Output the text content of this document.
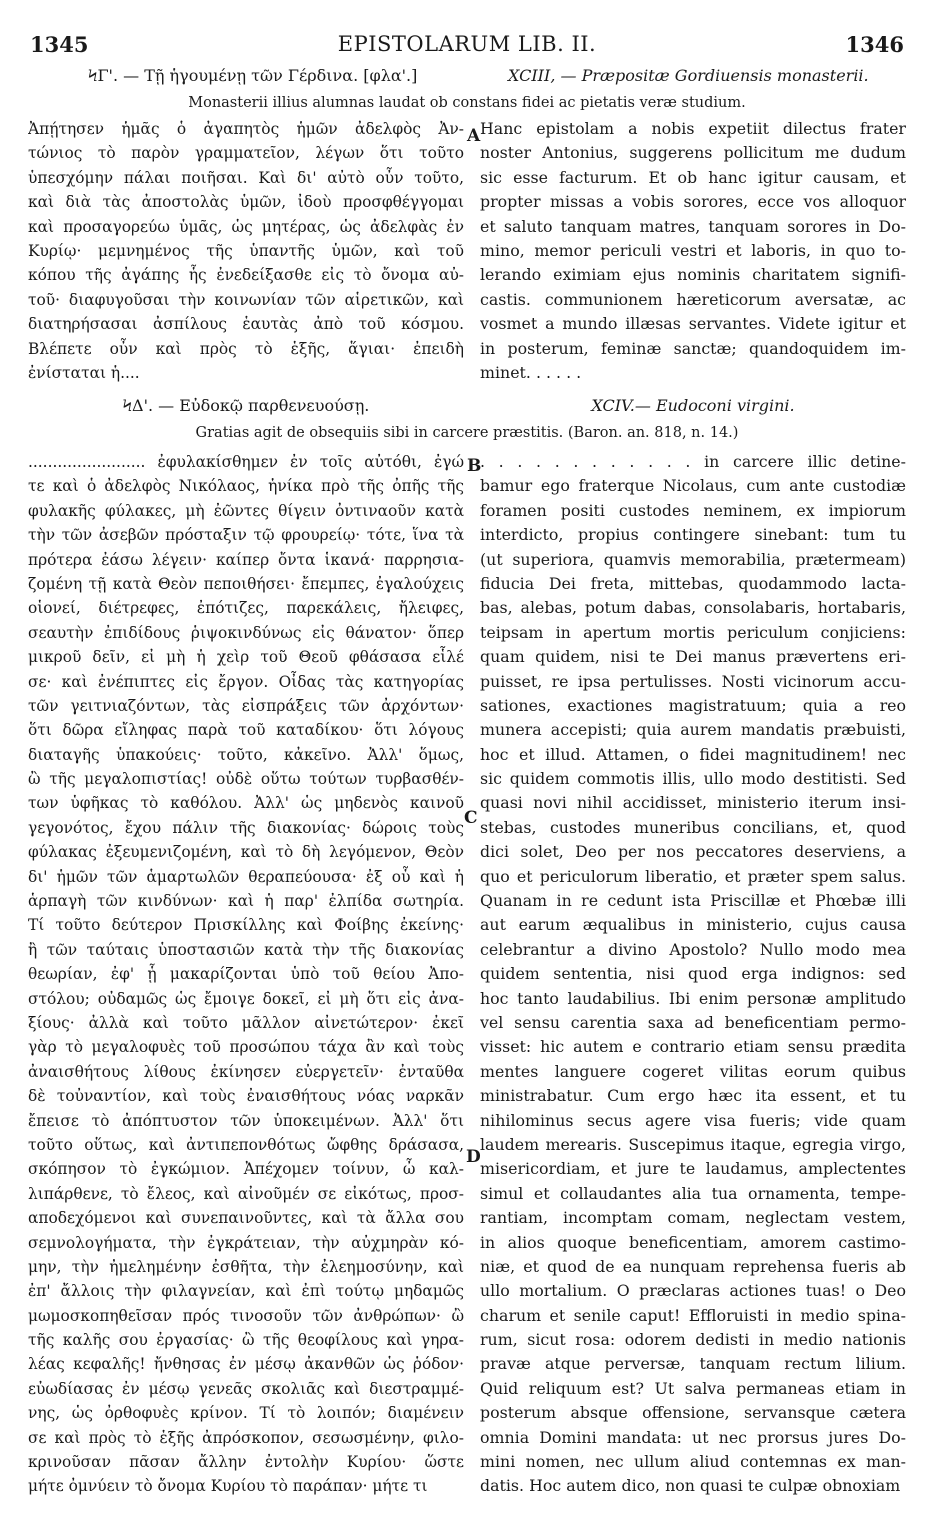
1345	EPISTOLARUM LIB. II.	1346
ϞΓ'. — Τῇ ἡγουμένῃ τῶν Γέρδινα. [φλα'.]	XCIII, — Præpositæ Gordiuensis monasterii.
Monasterii illius alumnas laudat ob constans fidei ac pietatis veræ studium.
Ἀπῄτησεν ἡμᾶς ὁ ἀγαπητὸς ἡμῶν ἀδελφὸς Ἀν-
τώνιος τὸ παρὸν γραμματεῖον, λέγων ὅτι τοῦτο
ὑπεσχόμην πάλαι ποιῆσαι. Καὶ δι' αὐτὸ οὖν τοῦτο,
καὶ διὰ τὰς ἀποστολὰς ὑμῶν, ἰδοὺ προσφθέγγομαι
καὶ προσαγορεύω ὑμᾶς, ὡς μητέρας, ὡς ἀδελφὰς ἐν
Κυρίῳ· μεμνημένος τῆς ὑπαντῆς ὑμῶν, καὶ τοῦ
κόπου τῆς ἀγάπης ἧς ἐνεδείξασθε εἰς τὸ ὄνομα αὐ-
τοῦ· διαφυγοῦσαι τὴν κοινωνίαν τῶν αἱρετικῶν, καὶ
διατηρήσασαι ἀσπίλους ἑαυτὰς ἀπὸ τοῦ κόσμου.
Βλέπετε οὖν καὶ πρὸς τὸ ἑξῆς, ἅγιαι· ἐπειδὴ
ἐνίσταται ἡ....
Hanc epistolam a nobis expetiit dilectus frater
noster Antonius, suggerens pollicitum me dudum
sic esse facturum. Et ob hanc igitur causam, et
propter missas a vobis sorores, ecce vos alloquor
et saluto tanquam matres, tanquam sorores in Do-
mino, memor periculi vestri et laboris, in quo to-
lerando eximiam ejus nominis charitatem signifi-
castis. communionem hæreticorum aversatæ, ac
vosmet a mundo illæsas servantes. Videte igitur et
in posterum, feminæ sanctæ; quandoquidem im-
minet. . . . . .
ϞΔ'. — Εὐδοκῷ παρθενευούσῃ.	XCIV.— Eudoconi virgini.
Gratias agit de obsequiis sibi in carcere præstitis. (Baron. an. 818, n. 14.)
........................ ἐφυλακίσθημεν ἐν τοῖς αὐτόθι, ἐγώ
τε καὶ ὁ ἀδελφὸς Νικόλαος, ἡνίκα πρὸ τῆς ὀπῆς τῆς
φυλακῆς φύλακες, μὴ ἐῶντες θίγειν ὀντιναοῦν κατὰ
τὴν τῶν ἀσεβῶν πρόσταξιν τῷ φρουρείῳ· τότε, ἵνα τὰ
πρότερα ἐάσω λέγειν· καίπερ ὄντα ἱκανά· παρρησια-
ζομένη τῇ κατὰ Θεὸν πεποιθήσει· ἔπεμπες, ἐγαλούχεις
οἱονεί, διέτρεφες, ἐπότιζες, παρεκάλεις, ἤλειφες,
σεαυτὴν ἐπιδίδους ῥιψοκινδύνως εἰς θάνατον· ὅπερ
μικροῦ δεῖν, εἰ μὴ ἡ χεὶρ τοῦ Θεοῦ φθάσασα εἷλέ
σε· καὶ ἐνέπιπτες εἰς ἔργον. Οἶδας τὰς κατηγορίας
τῶν γειτνιαζόντων, τὰς εἰσπράξεις τῶν ἀρχόντων·
ὅτι δῶρα εἴληφας παρὰ τοῦ καταδίκου· ὅτι λόγους
διαταγῆς ὑπακούεις· τοῦτο, κἀκεῖνο. Ἀλλ' ὅμως,
ὢ τῆς μεγαλοπιστίας! οὐδὲ οὕτω τούτων τυρβασθέν-
των ὑφῆκας τὸ καθόλου. Ἀλλ' ὡς μηδενὸς καινοῦ
γεγονότος, ἔχου πάλιν τῆς διακονίας· δώροις τοὺς
φύλακας ἐξευμενιζομένη, καὶ τὸ δὴ λεγόμενον, Θεὸν
δι' ἡμῶν τῶν ἁμαρτωλῶν θεραπεύουσα· ἐξ οὗ καὶ ἡ
ἁρπαγὴ τῶν κινδύνων· καὶ ἡ παρ' ἐλπίδα σωτηρία.
Τί τοῦτο δεύτερον Πρισκίλλης καὶ Φοίβης ἐκείνης·
ἢ τῶν ταύταις ὑποστασιῶν κατὰ τὴν τῆς διακονίας
θεωρίαν, ἐφ' ᾗ μακαρίζονται ὑπὸ τοῦ θείου Ἀπο-
στόλου; οὐδαμῶς ὡς ἔμοιγε δοκεῖ, εἰ μὴ ὅτι εἰς ἀνα-
ξίους· ἀλλὰ καὶ τοῦτο μᾶλλον αἰνετώτερον· ἐκεῖ
γὰρ τὸ μεγαλοφυὲς τοῦ προσώπου τάχα ἂν καὶ τοὺς
ἀναισθήτους λίθους ἐκίνησεν εὐεργετεῖν· ἐνταῦθα
δὲ τοὐναντίον, καὶ τοὺς ἐναισθήτους νόας ναρκᾶν
ἔπεισε τὸ ἀπόπτυστον τῶν ὑποκειμένων. Ἀλλ' ὅτι
τοῦτο οὕτως, καὶ ἀντιπεπονθότως ὤφθης δράσασα,
σκόπησον τὸ ἐγκώμιον. Ἀπέχομεν τοίνυν, ὦ καλ-
λιπάρθενε, τὸ ἔλεος, καὶ αἰνοῦμέν σε εἰκότως, προσ-
αποδεχόμενοι καὶ συνεπαινοῦντες, καὶ τὰ ἄλλα σου
σεμνολογήματα, τὴν ἐγκράτειαν, τὴν αὐχμηρὰν κό-
μην, τὴν ἠμελημένην ἐσθῆτα, τὴν ἐλεημοσύνην, καὶ
ἐπ' ἄλλοις τὴν φιλαγνείαν, καὶ ἐπὶ τούτῳ μηδαμῶς
μωμοσκοπηθεῖσαν πρός τινοσοῦν τῶν ἀνθρώπων· ὢ
τῆς καλῆς σου ἐργασίας· ὢ τῆς θεοφίλους καὶ γηρα-
λέας κεφαλῆς! ἤνθησας ἐν μέσῳ ἀκανθῶν ὡς ῥόδον·
εὐωδίασας ἐν μέσῳ γενεᾶς σκολιᾶς καὶ διεστραμμέ-
νης, ὡς ὀρθοφυὲς κρίνον. Τί τὸ λοιπόν; διαμένειν
σε καὶ πρὸς τὸ ἑξῆς ἀπρόσκοπον, σεσωσμένην, φιλο-
κρινοῦσαν πᾶσαν ἄλλην ἐντολὴν Κυρίου· ὥστε
μήτε ὀμνύειν τὸ ὄνομα Κυρίου τὸ παράπαν· μήτε τι
. . . . . . . . . . . . in carcere illic detine-
bamur ego fraterque Nicolaus, cum ante custodiæ
foramen positi custodes neminem, ex impiorum
interdicto, propius contingere sinebant: tum tu
(ut superiora, quamvis memorabilia, prætermeam)
fiducia Dei freta, mittebas, quodammodo lacta-
bas, alebas, potum dabas, consolabaris, hortabaris,
teipsam in apertum mortis periculum conjiciens:
quam quidem, nisi te Dei manus prævertens eri-
puisset, re ipsa pertulisses. Nosti vicinorum accu-
sationes, exactiones magistratuum; quia a reo
munera accepisti; quia aurem mandatis præbuisti,
hoc et illud. Attamen, o fidei magnitudinem! nec
sic quidem commotis illis, ullo modo destitisti. Sed
quasi novi nihil accidisset, ministerio iterum insi-
stebas, custodes muneribus concilians, et, quod
dici solet, Deo per nos peccatores deserviens, a
quo et periculorum liberatio, et præter spem salus.
Quanam in re cedunt ista Priscillæ et Phœbæ illi
aut earum æqualibus in ministerio, cujus causa
celebrantur a divino Apostolo? Nullo modo mea
quidem sententia, nisi quod erga indignos: sed
hoc tanto laudabilius. Ibi enim personæ amplitudo
vel sensu carentia saxa ad beneficentiam permo-
visset: hic autem e contrario etiam sensu prædita
mentes languere cogeret vilitas eorum quibus
ministrabatur. Cum ergo hæc ita essent, et tu
nihilominus secus agere visa fueris; vide quam
laudem merearis. Suscepimus itaque, egregia virgo,
misericordiam, et jure te laudamus, amplectentes
simul et collaudantes alia tua ornamenta, tempe-
rantiam, incomptam comam, neglectam vestem,
in alios quoque beneficentiam, amorem castimo-
niæ, et quod de ea nunquam reprehensa fueris ab
ullo mortalium. O præclaras actiones tuas! o Deo
charum et senile caput! Effloruisti in medio spina-
rum, sicut rosa: odorem dedisti in medio nationis
pravæ atque perversæ, tanquam rectum lilium.
Quid reliquum est? Ut salva permaneas etiam in
posterum absque offensione, servansque cætera
omnia Domini mandata: ut nec prorsus jures Do-
mini nomen, nec ullum aliud contemnas ex man-
datis. Hoc autem dico, non quasi te culpæ obnoxiam
A
B
C
D
